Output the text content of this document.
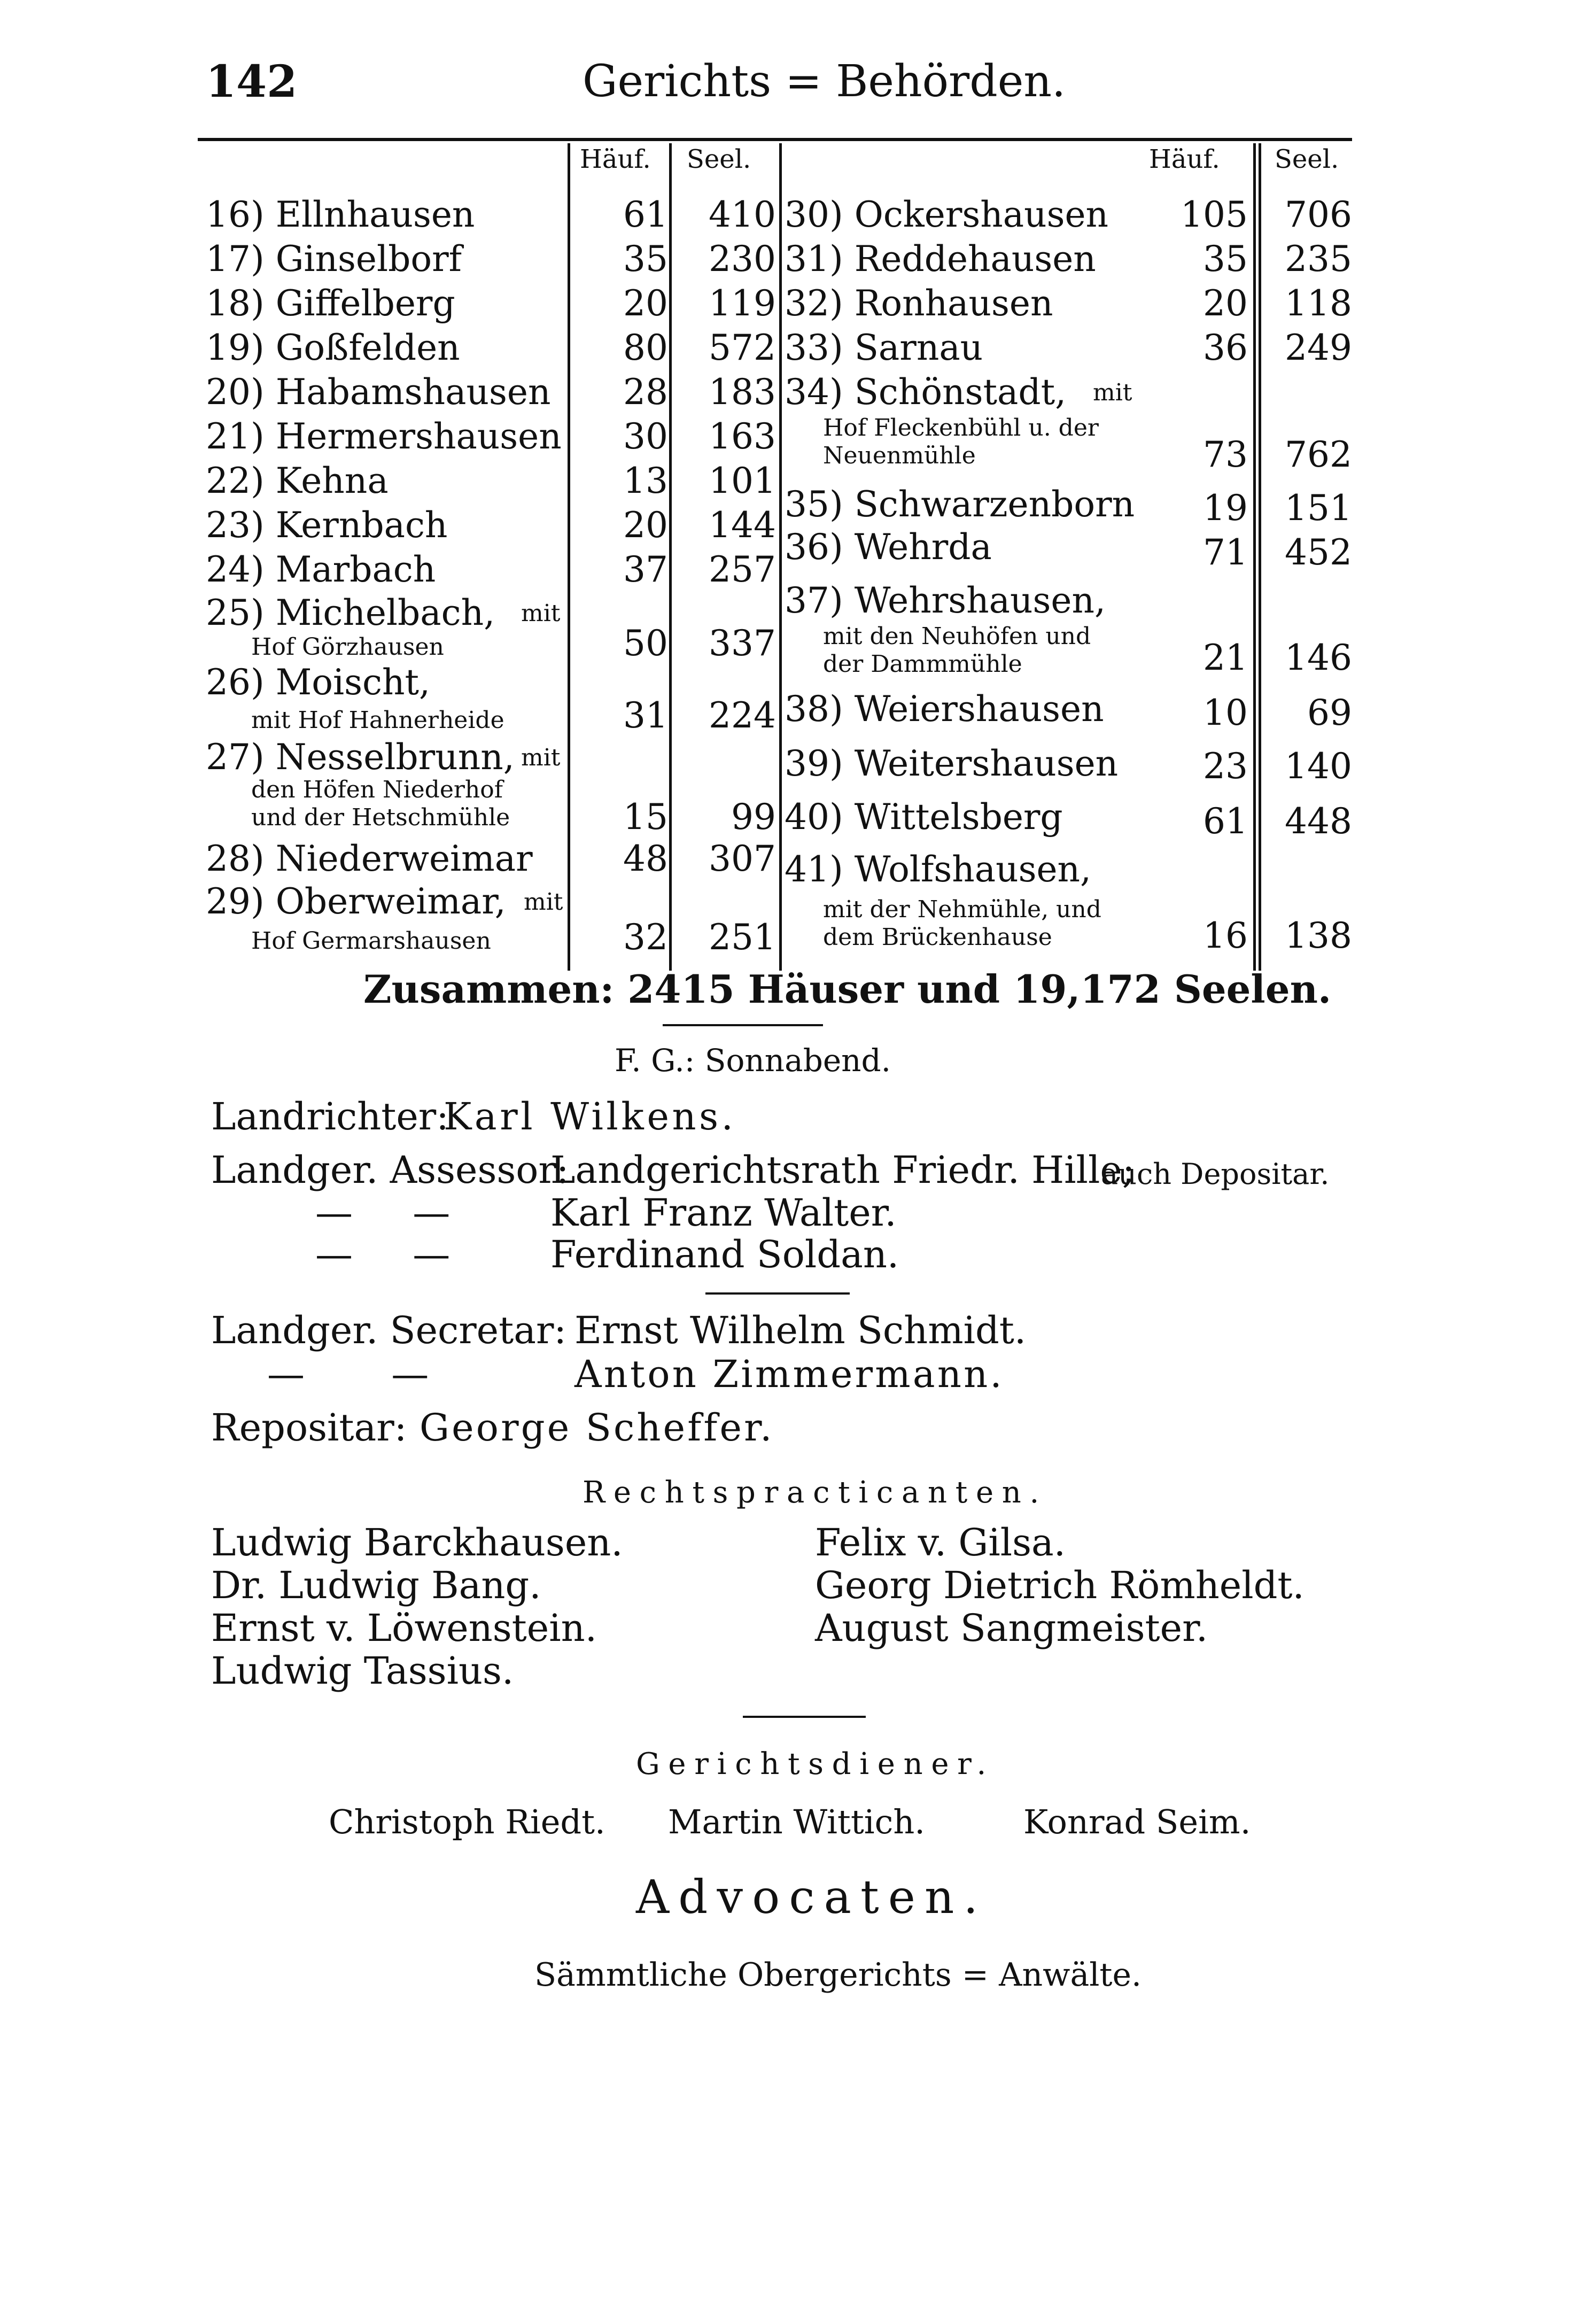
142	Gerichts = Behörden.
Häuf. Seel.	Häuf. Seel.
16) Ellnhausen	61	410
17) Ginselborf	35	230
18) Giffelberg	20	119
19) Goßfelden	80	572
20) Habamshausen	28	183
21) Hermershausen	30	163
22) Kehna	13	101
23) Kernbach	20	144
24) Marbach	37	257
25) Michelbach, mit
Hof Görzhausen	50	337
26) Moischt,
mit Hof Hahnerheide	31	224
27) Nesselbrunn, mit
den Höfen Niederhof
und der Hetschmühle	15	99
28) Niederweimar	48	307
29) Oberweimar, mit
Hof Germarshausen	32	251
30) Ockershausen	105	706
31) Reddehausen	35	235
32) Ronhausen	20	118
33) Sarnau	36	249
34) Schönstadt, mit
Hof Fleckenbühl u. der
Neuenmühle	73	762
35) Schwarzenborn	19	151
36) Wehrda	71	452
37) Wehrshausen,
mit den Neuhöfen und
der Dammmühle	21	146
38) Weiershausen	10	69
39) Weitershausen	23	140
40) Wittelsberg	61	448
41) Wolfshausen,
mit der Nehmühle, und
dem Brückenhause	16	138
Zusammen: 2415 Häuser und 19,172 Seelen.
F. G.: Sonnabend.
Landrichter:
Karl Wilkens.
Landger. Assessor:
Landgerichtsrath Friedr. Hille;
auch Depositar.
— —	Karl Franz Walter.
— —	Ferdinand Soldan.
Landger. Secretar: Ernst Wilhelm Schmidt.
— —	Anton Zimmermann.
Repositar: George Scheffer.
Rechtspracticanten.
Ludwig Barckhausen.
Dr. Ludwig Bang.
Ernst v. Löwenstein.
Ludwig Tassius.
Felix v. Gilsa.
Georg Dietrich Römheldt.
August Sangmeister.
Gerichtsdiener.
Christoph Riedt. Martin Wittich.	Konrad Seim.
Advocaten.
Sämmtliche Obergerichts = Anwälte.
